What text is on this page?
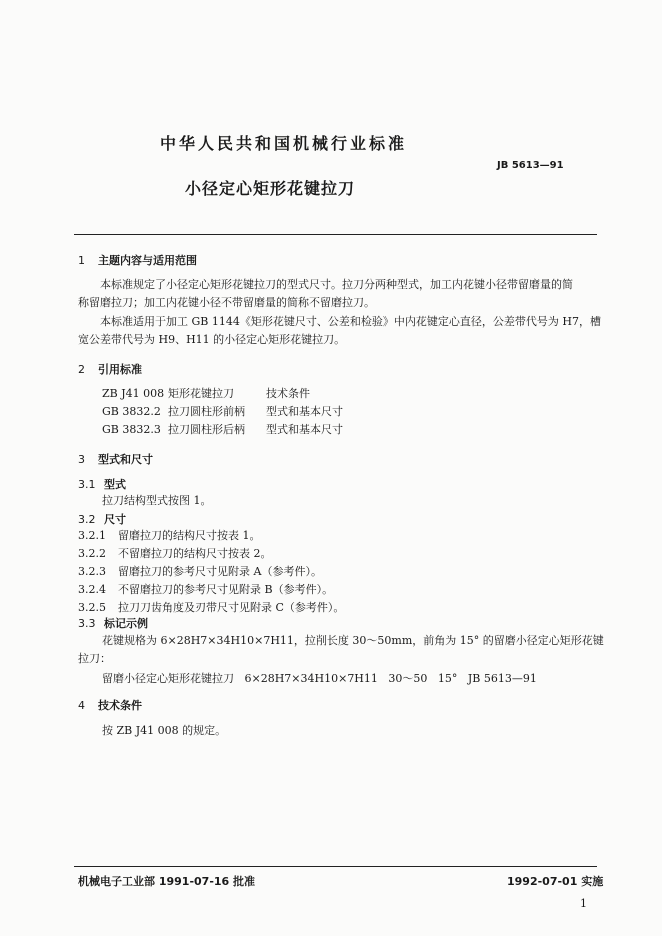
中华人民共和国机械行业标准
JB 5613—91
小径定心矩形花键拉刀
1 主题内容与适用范围
本标准规定了小径定心矩形花键拉刀的型式尺寸。拉刀分两种型式，加工内花键小径带留磨量的简
称留磨拉刀；加工内花键小径不带留磨量的简称不留磨拉刀。
本标准适用于加工 GB 1144《矩形花键尺寸、公差和检验》中内花键定心直径，公差带代号为 H7，槽
宽公差带代号为 H9、H11 的小径定心矩形花键拉刀。
2 引用标准
ZB J41 008 矩形花键拉刀	技术条件
GB 3832.2 拉刀圆柱形前柄 型式和基本尺寸
GB 3832.3 拉刀圆柱形后柄 型式和基本尺寸
3 型式和尺寸
3.1 型式
拉刀结构型式按图 1。
3.2 尺寸
3.2.1 留磨拉刀的结构尺寸按表 1。
3.2.2 不留磨拉刀的结构尺寸按表 2。
3.2.3 留磨拉刀的参考尺寸见附录 A（参考件）。
3.2.4 不留磨拉刀的参考尺寸见附录 B（参考件）。
3.2.5 拉刀刀齿角度及刃带尺寸见附录 C（参考件）。
3.3 标记示例
花键规格为 6×28H7×34H10×7H11，拉削长度 30～50mm，前角为 15° 的留磨小径定心矩形花键
拉刀：
留磨小径定心矩形花键拉刀   6×28H7×34H10×7H11   30～50   15°   JB 5613—91
4 技术条件
按 ZB J41 008 的规定。
机械电子工业部 1991-07-16 批准	1992-07-01 实施
1
